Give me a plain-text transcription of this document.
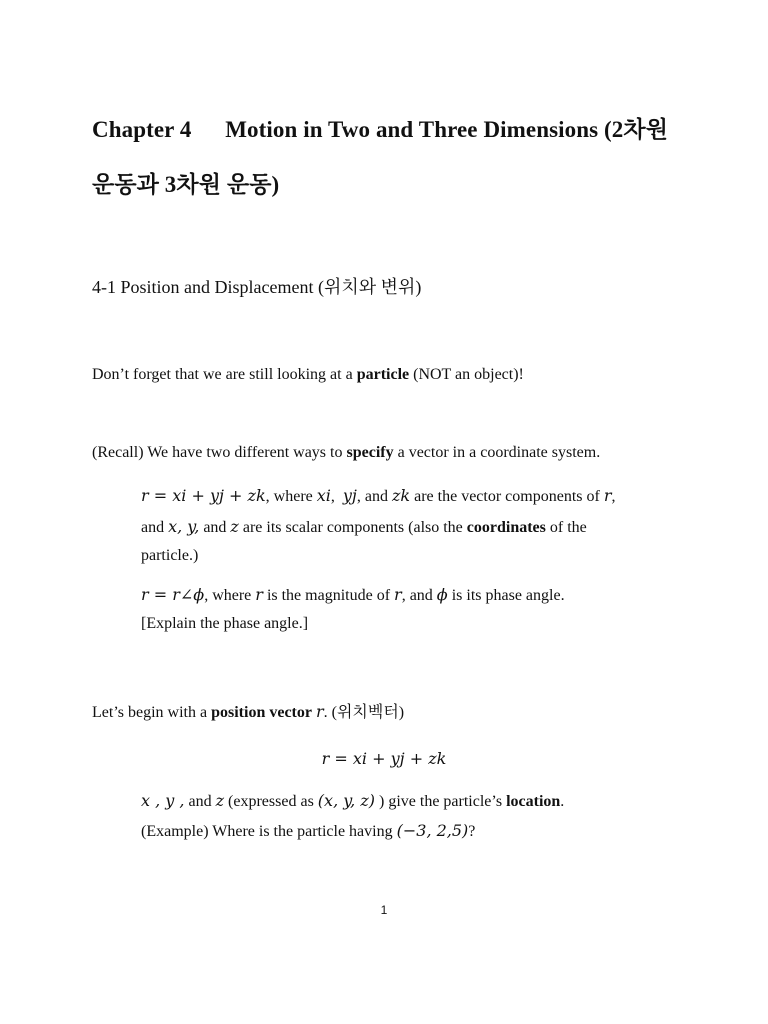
Chapter 4 Motion in Two and Three Dimensions (2차원
운동과 3차원 운동)
4-1 Position and Displacement (위치와 변위)
Don’t forget that we are still looking at a particle (NOT an object)!
(Recall) We have two different ways to specify a vector in a coordinate system.
r = xi + yj + zk, where xi,  yj, and zk are the vector components of r,
and x, y, and z are its scalar components (also the coordinates of the
particle.)
r = r∠ϕ, where r is the magnitude of r, and ϕ is its phase angle.
[Explain the phase angle.]
Let’s begin with a position vector r. (위치벡터)
r = xi + yj + zk
x , y , and z (expressed as (x, y, z) ) give the particle’s location.
(Example) Where is the particle having (−3, 2,5)?
1
